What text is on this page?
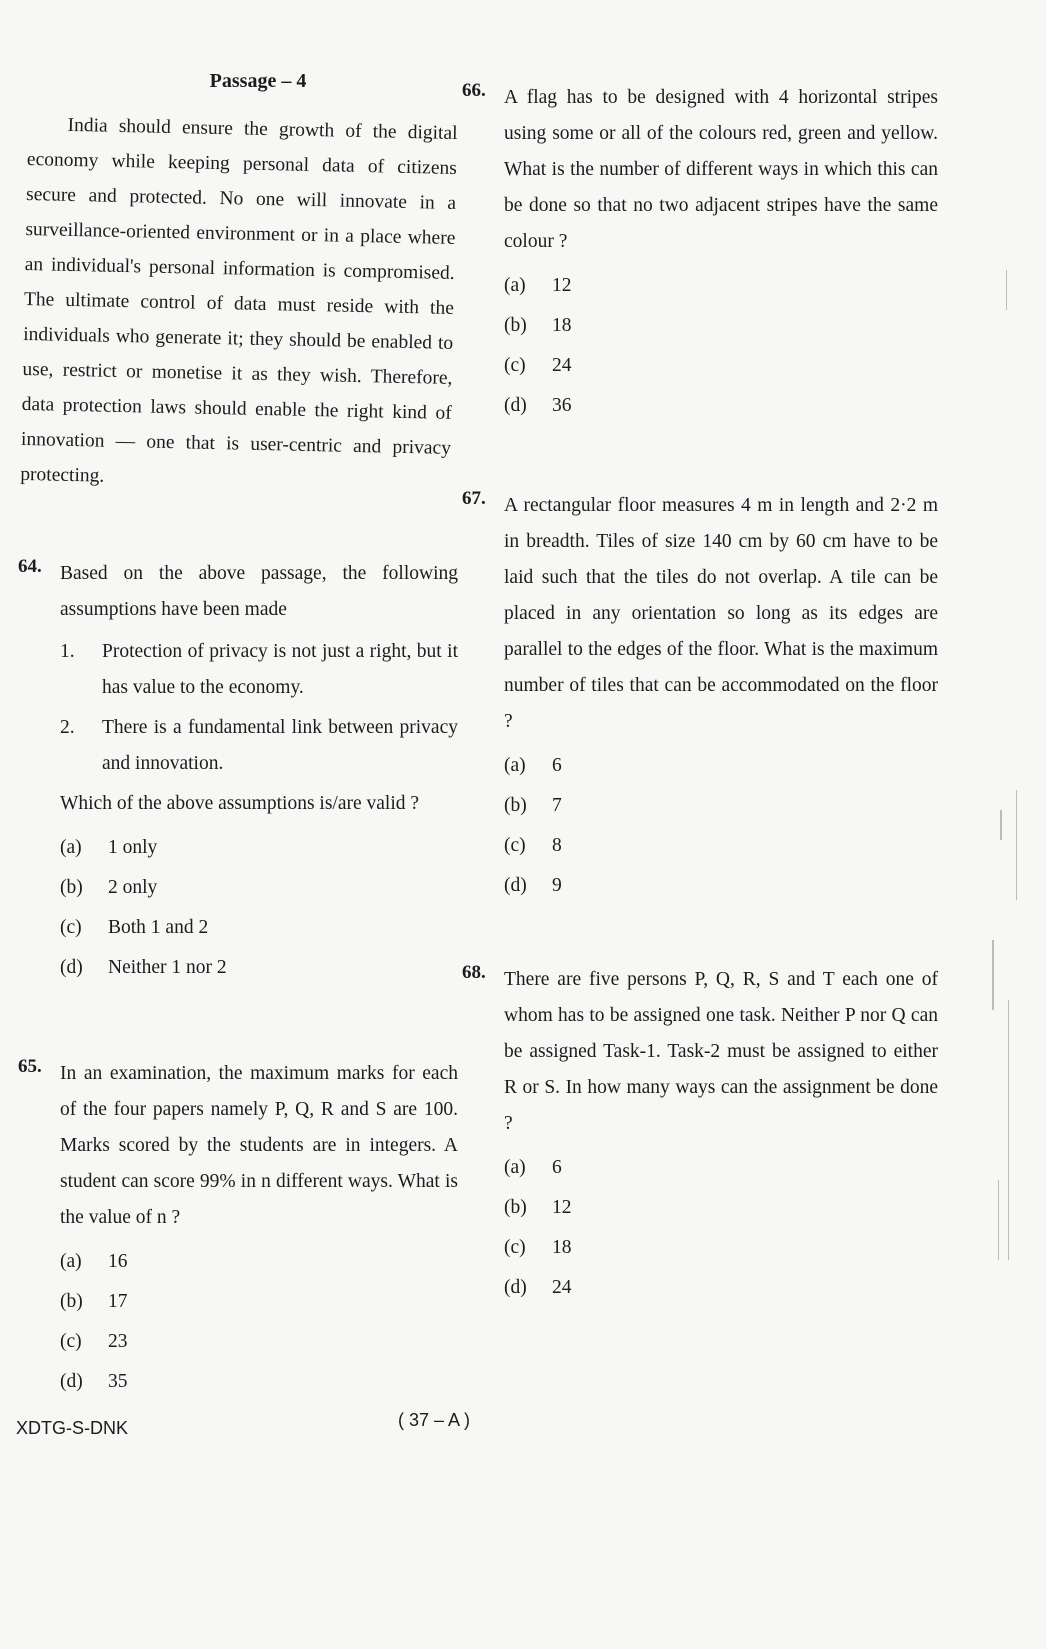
Passage – 4

India should ensure the growth of the digital economy while keeping personal data of citizens secure and protected. No one will innovate in a surveillance-oriented environment or in a place where an individual's personal information is compromised. The ultimate control of data must reside with the individuals who generate it; they should be enabled to use, restrict or monetise it as they wish. Therefore, data protection laws should enable the right kind of innovation — one that is user-centric and privacy protecting.

64. Based on the above passage, the following assumptions have been made
1. Protection of privacy is not just a right, but it has value to the economy.
2. There is a fundamental link between privacy and innovation.
Which of the above assumptions is/are valid ?
(a)	1 only
(b)	2 only
(c)	Both 1 and 2
(d)	Neither 1 nor 2
65. In an examination, the maximum marks for each of the four papers namely P, Q, R and S are 100. Marks scored by the students are in integers. A student can score 99% in n different ways. What is the value of n ?
(a)	16
(b)	17
(c)	23
(d)	35
66. A flag has to be designed with 4 horizontal stripes using some or all of the colours red, green and yellow. What is the number of different ways in which this can be done so that no two adjacent stripes have the same colour ?
(a)	12
(b)	18
(c)	24
(d)	36
67. A rectangular floor measures 4 m in length and 2·2 m in breadth. Tiles of size 140 cm by 60 cm have to be laid such that the tiles do not overlap. A tile can be placed in any orientation so long as its edges are parallel to the edges of the floor. What is the maximum number of tiles that can be accommodated on the floor ?
(a)	6
(b)	7
(c)	8
(d)	9
68. There are five persons P, Q, R, S and T each one of whom has to be assigned one task. Neither P nor Q can be assigned Task-1. Task-2 must be assigned to either R or S. In how many ways can the assignment be done ?
(a)	6
(b)	12
(c)	18
(d)	24
XDTG-S-DNK	( 37 – A )
